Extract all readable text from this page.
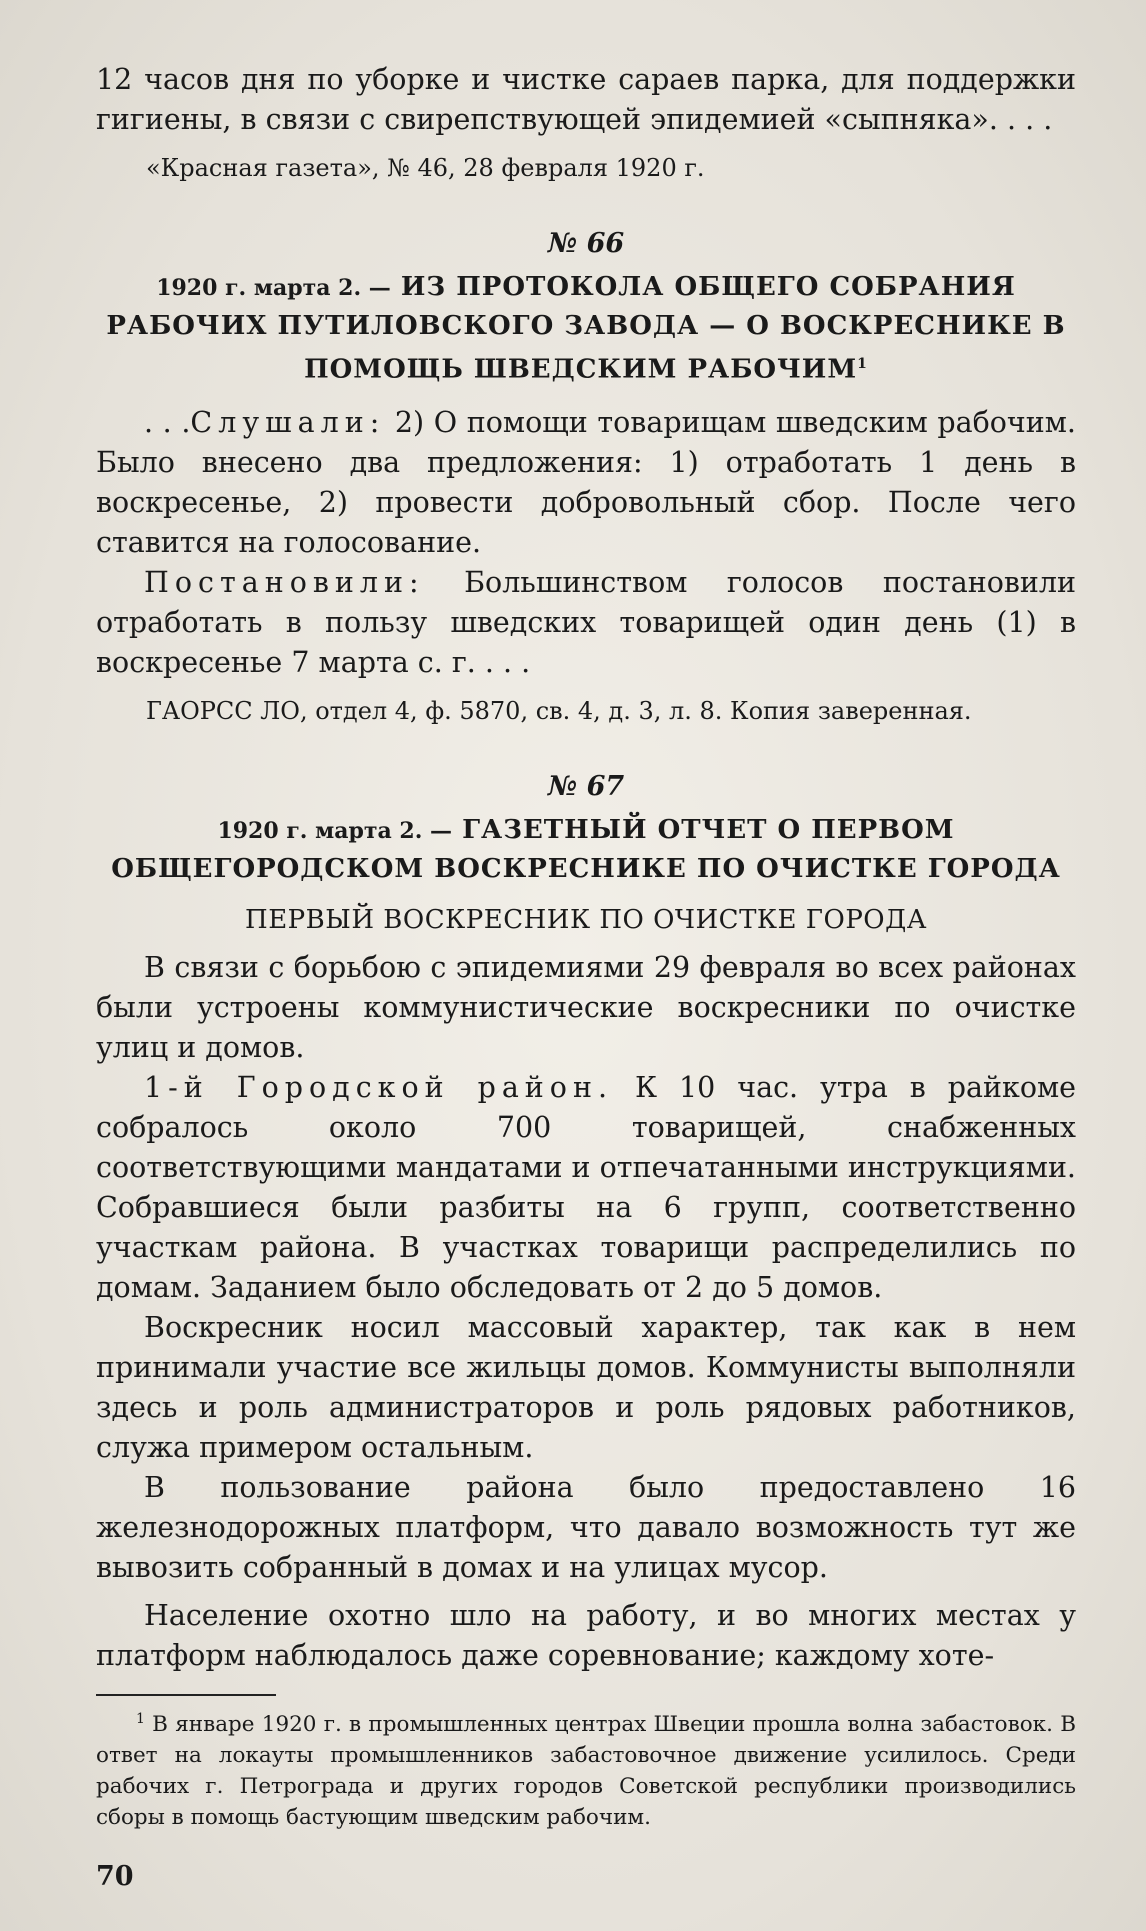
12 часов дня по уборке и чистке сараев парка, для поддержки гигиены, в связи с свирепствующей эпидемией «сыпняка». . . .

«Красная газета», № 46, 28 февраля 1920 г.

№ 66
1920 г. марта 2. — ИЗ ПРОТОКОЛА ОБЩЕГО СОБРАНИЯ РАБОЧИХ ПУТИЛОВСКОГО ЗАВОДА — О ВОСКРЕСНИКЕ В ПОМОЩЬ ШВЕДСКИМ РАБОЧИМ$^1$

. . .Слушали: 2) О помощи товарищам шведским рабочим. Было внесено два предложения: 1) отработать 1 день в воскресенье, 2) провести добровольный сбор. После чего ставится на голосование.

Постановили: Большинством голосов постановили отработать в пользу шведских товарищей один день (1) в воскресенье 7 марта с. г. . . .

ГАОРСС ЛО, отдел 4, ф. 5870, св. 4, д. 3, л. 8. Копия заверенная.

№ 67
1920 г. марта 2. — ГАЗЕТНЫЙ ОТЧЕТ О ПЕРВОМ ОБЩЕГОРОДСКОМ ВОСКРЕСНИКЕ ПО ОЧИСТКЕ ГОРОДА
ПЕРВЫЙ ВОСКРЕСНИК ПО ОЧИСТКЕ ГОРОДА

В связи с борьбою с эпидемиями 29 февраля во всех районах были устроены коммунистические воскресники по очистке улиц и домов.

1-й Городской район. К 10 час. утра в райкоме собралось около 700 товарищей, снабженных соответствующими мандатами и отпечатанными инструкциями. Собравшиеся были разбиты на 6 групп, соответственно участкам района. В участках товарищи распределились по домам. Заданием было обследовать от 2 до 5 домов.

Воскресник носил массовый характер, так как в нем принимали участие все жильцы домов. Коммунисты выполняли здесь и роль администраторов и роль рядовых работников, служа примером остальным.

В пользование района было предоставлено 16 железнодорожных платформ, что давало возможность тут же вывозить собранный в домах и на улицах мусор.

Население охотно шло на работу, и во многих местах у платформ наблюдалось даже соревнование; каждому хоте-

$^1$ В январе 1920 г. в промышленных центрах Швеции прошла волна забастовок. В ответ на локауты промышленников забастовочное движение усилилось. Среди рабочих г. Петрограда и других городов Советской республики производились сборы в помощь бастующим шведским рабочим.

70
